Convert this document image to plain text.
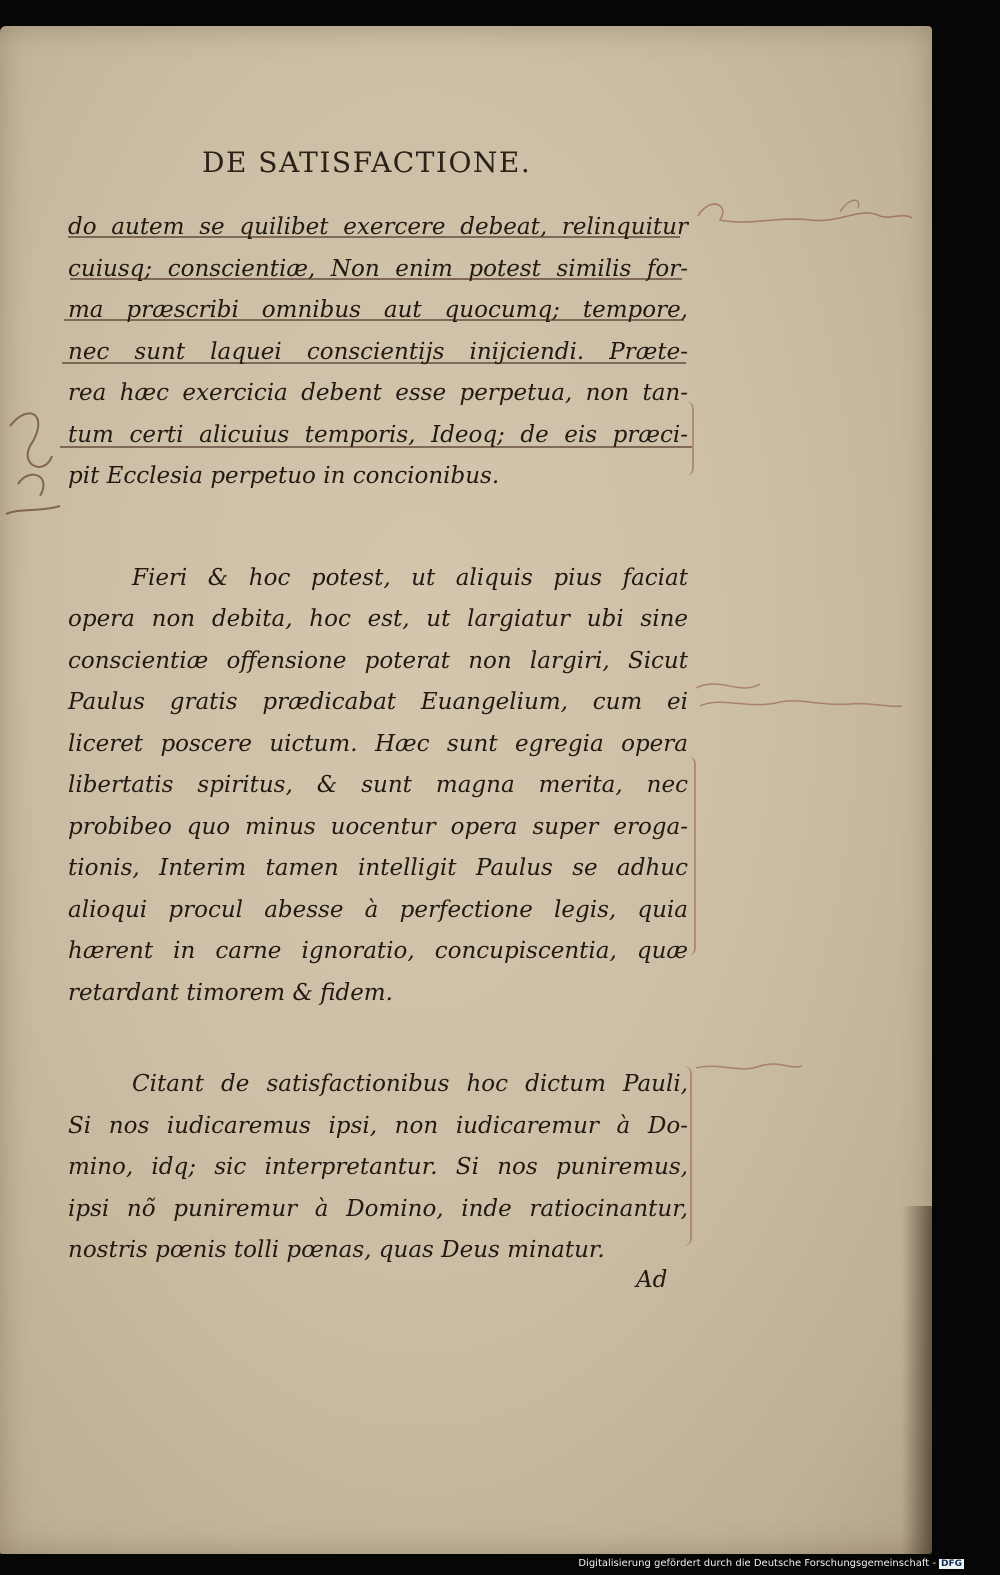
DE SATISFACTIONE.
do autem se quilibet exercere debeat, relinquitur
cuiusq; conscientiæ, Non enim potest similis for-
ma præscribi omnibus aut quocumq; tempore,
nec sunt laquei conscientijs inijciendi. Præte-
rea hæc exercicia debent esse perpetua, non tan-
tum certi alicuius temporis, Ideoq; de eis præci-
pit Ecclesia perpetuo in concionibus.
Fieri & hoc potest, ut aliquis pius faciat
opera non debita, hoc est, ut largiatur ubi sine
conscientiæ offensione poterat non largiri, Sicut
Paulus gratis prædicabat Euangelium, cum ei
liceret poscere uictum. Hæc sunt egregia opera
libertatis spiritus, & sunt magna merita, nec
probibeo quo minus uocentur opera super eroga-
tionis, Interim tamen intelligit Paulus se adhuc
alioqui procul abesse à perfectione legis, quia
hærent in carne ignoratio, concupiscentia, quæ
retardant timorem & fidem.
Citant de satisfactionibus hoc dictum Pauli,
Si nos iudicaremus ipsi, non iudicaremur à Do-
mino, idq; sic interpretantur. Si nos puniremus,
ipsi nõ puniremur à Domino, inde ratiocinantur,
nostris pœnis tolli pœnas, quas Deus minatur.
Ad
Digitalisierung gefördert durch die Deutsche Forschungsgemeinschaft - DFG
